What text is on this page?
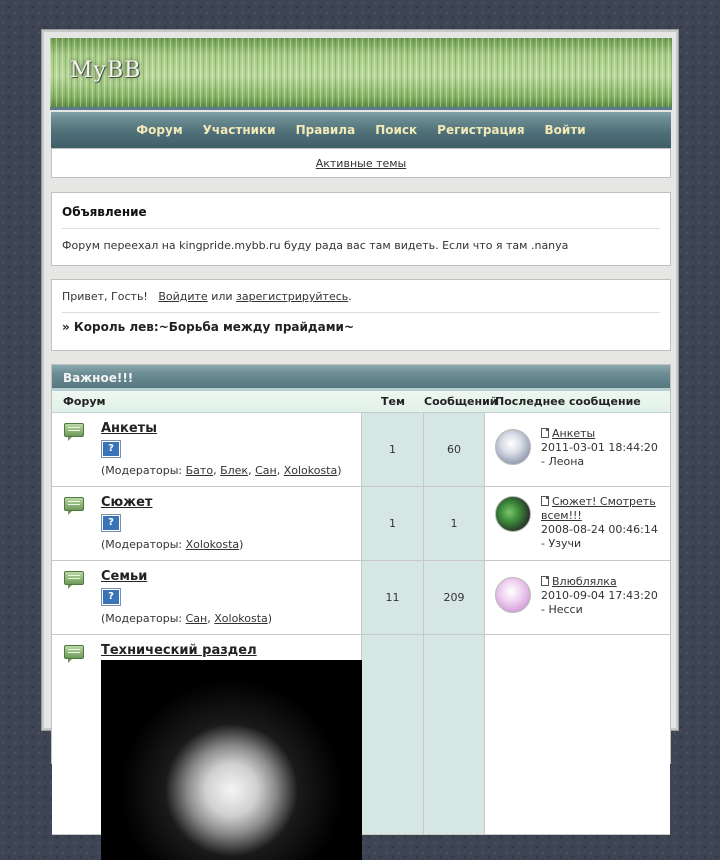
MyBB
Форум	Участники	Правила	Поиск	Регистрация	Войти
Активные темы
Объявление
Форум переехал на kingpride.mybb.ru буду рада вас там видеть. Если что я там .nanya
Привет, Гость! Войдите или зарегистрируйтесь.
» Король лев:~Борьба между прайдами~
Важное!!!
Форум	Тем	Сообщений
Последнее сообщение
Анкеты
?
(Модераторы: Бато, Блек, Сан, Xolokosta)
1	60
Анкеты
2011-03-01 18:44:20
- Леона
Сюжет
?
(Модераторы: Xolokosta)
1	1
Сюжет! Смотреть всем!!!
2008-08-24 00:46:14
- Узучи
Семьи
?
(Модераторы: Сан, Xolokosta)
11	209
Влюблялка
2010-09-04 17:43:20
- Несси
Технический раздел
